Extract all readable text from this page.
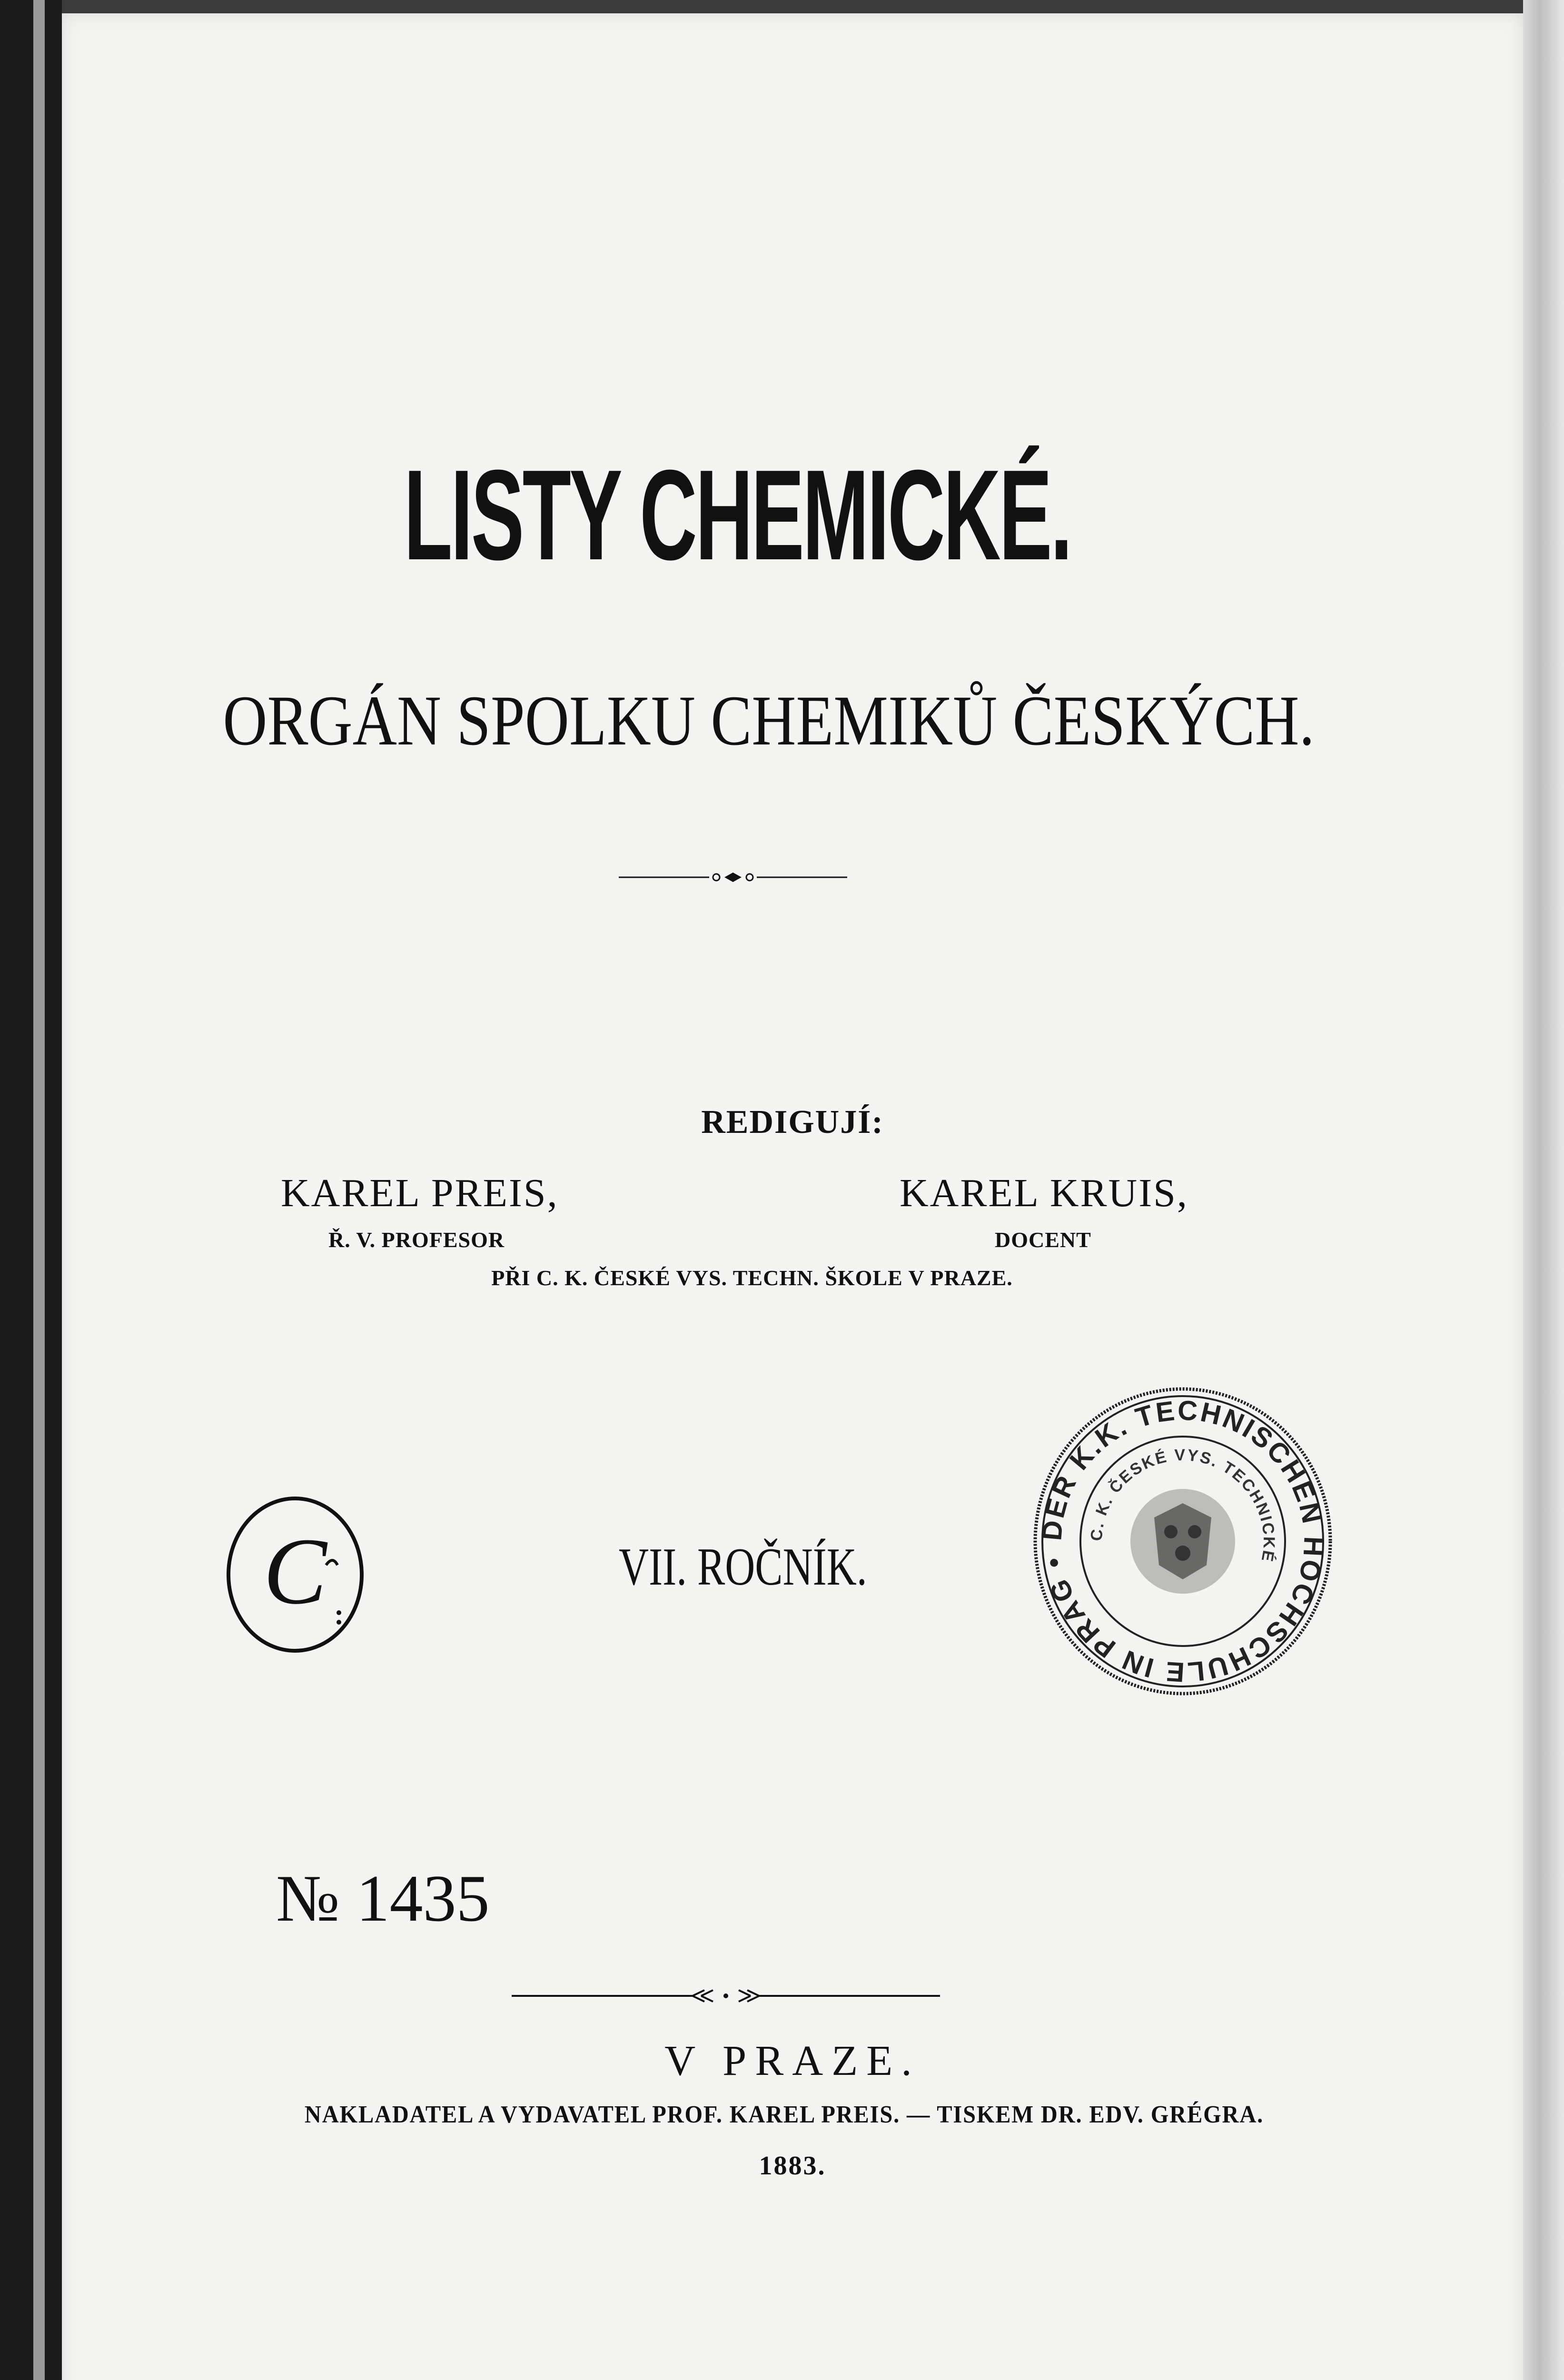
LISTY CHEMICKÉ.
ORGÁN SPOLKU CHEMIKŮ ČESKÝCH.
REDIGUJÍ:
KAREL PREIS,
Ř. V. PROFESOR
KAREL KRUIS,
DOCENT
PŘI C. K. ČESKÉ VYS. TECHN. ŠKOLE V PRAZE.
C	VII. ROČNÍK.
DER K.K. TECHNISCHEN HOCHSCHULE IN PRAG •
C. K. ČESKÉ VYS. TECHNICKÉ
№ 1435
V PRAZE.
NAKLADATEL A VYDAVATEL PROF. KAREL PREIS. — TISKEM DR. EDV. GRÉGRA.
1883.
